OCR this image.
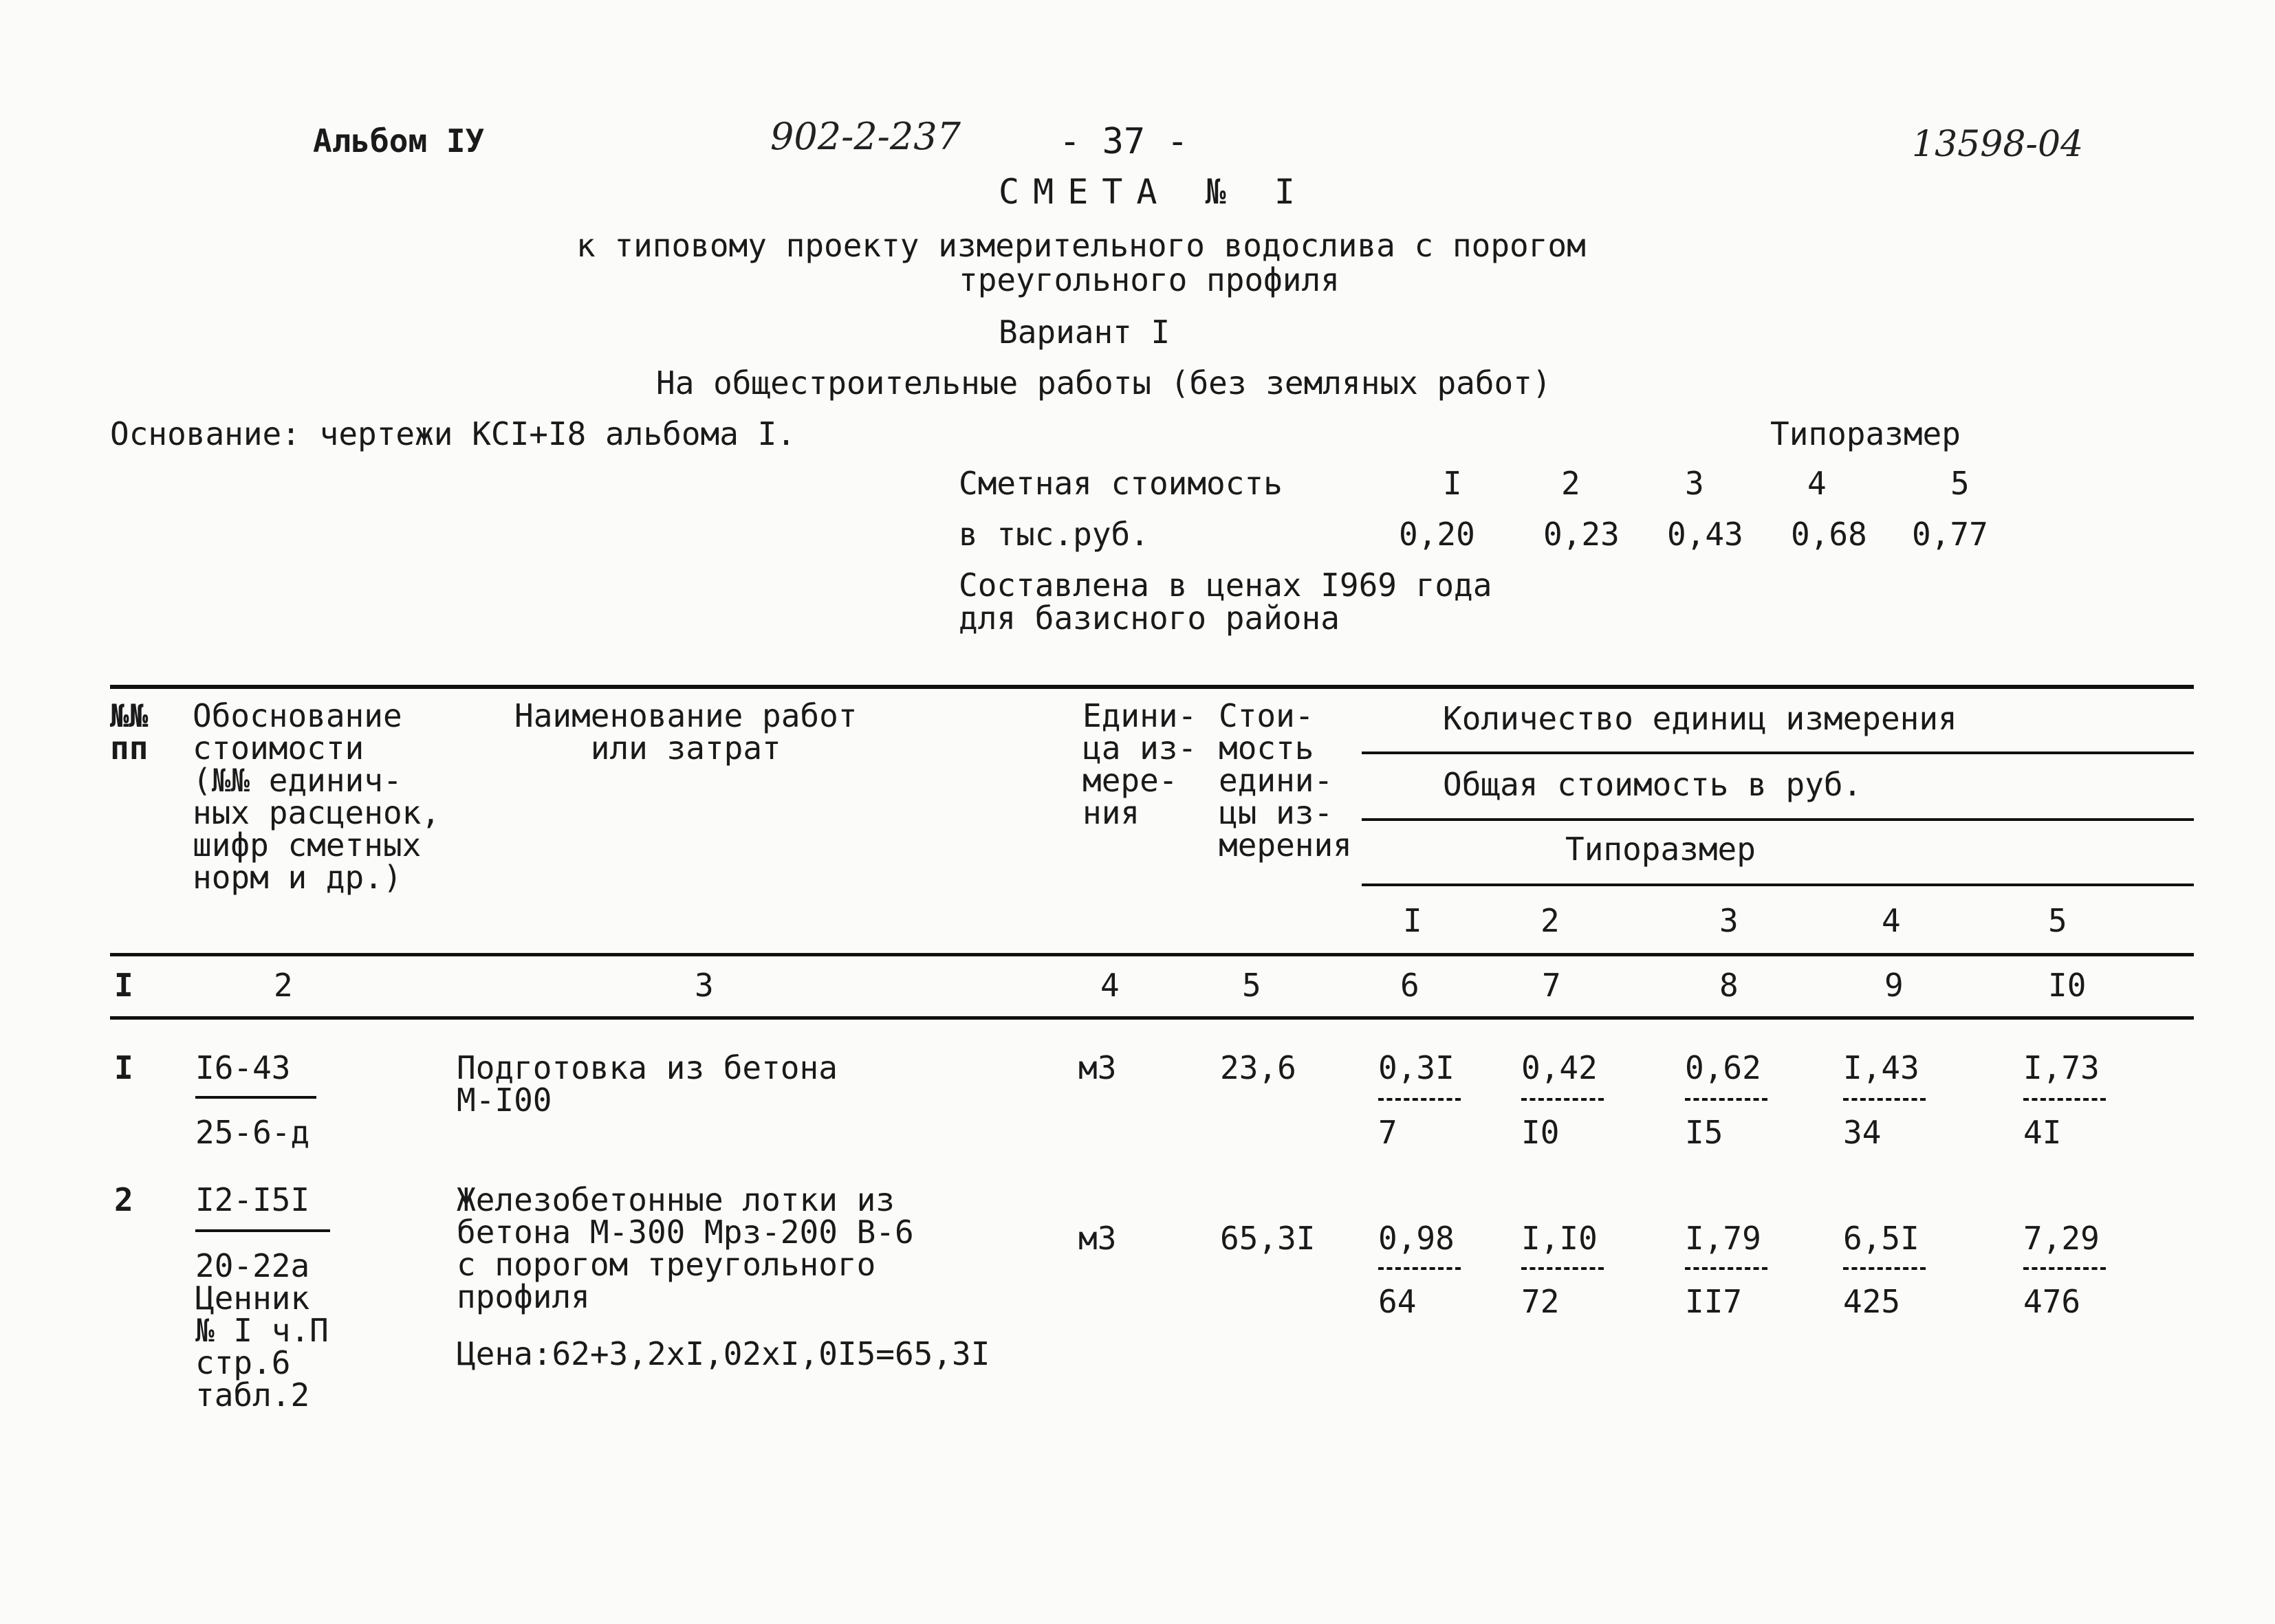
Альбом IУ	902-2-237	- 37 -	13598-04
СМЕТА № I
к типовому проекту измерительного водослива с порогом
треугольного профиля
Вариант I
На общестроительные работы (без земляных работ)
Основание: чертежи КСI+I8 альбома I.	Типоразмер
Сметная стоимость
в тыс.руб.
I	2	3	4	5
0,20 0,23 0,43 0,68 0,77
Составлена в ценах I969 года
для базисного района
№№
пп
Обоснование
стоимости
(№№ единич-
ных расценок,
шифр сметных
норм и др.)
Наименование работ
или затрат
Едини-
ца из-
мере-
ния
Стои-
мость
едини-
цы из-
мерения
Количество единиц измерения
Общая стоимость в руб.
Типоразмер
I	2	3	4	5
I	2	3	4	5	6	7	8	9	I0
I I6-43
25-6-д
Подготовка из бетона
М-I00
м3	23,6	0,3I 0,42	0,62	I,43	I,73
7	I0	I5	34	4I
2 I2-I5I
20-22а
Ценник
№ I ч.П
стр.6
табл.2
Железобетонные лотки из
бетона М-300 Мрз-200 В-6
с порогом треугольного
профиля
Цена:62+3,2хI,02хI,0I5=65,3I
м3	65,3I 0,98 I,I0	I,79	6,5I	7,29
64	72	II7	425	476
